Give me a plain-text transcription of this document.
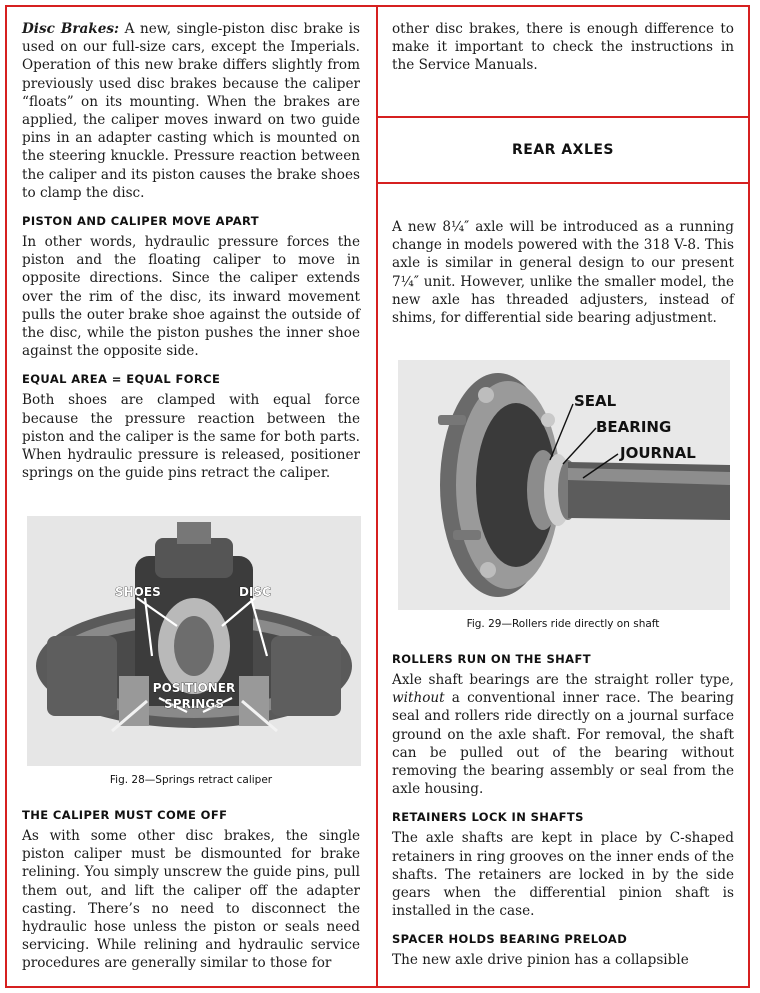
Disc Brakes: A new, single-piston disc brake is used on our full-size cars, except the Imperials. Operation of this new brake differs slightly from previously used disc brakes because the caliper “floats” on its mounting. When the brakes are applied, the caliper moves inward on two guide pins in an adapter casting which is mounted on the steering knuckle. Pressure reaction between the caliper and its piston causes the brake shoes to clamp the disc.

PISTON AND CALIPER MOVE APART

In other words, hydraulic pressure forces the piston and the floating caliper to move in opposite directions. Since the caliper extends over the rim of the disc, its inward movement pulls the outer brake shoe against the outside of the disc, while the piston pushes the inner shoe against the opposite side.

EQUAL AREA = EQUAL FORCE

Both shoes are clamped with equal force because the pressure reaction between the piston and the caliper is the same for both parts. When hydraulic pressure is released, positioner springs on the guide pins retract the caliper.

SHOES	DISC
POSITIONER
SPRINGS

Fig. 28—Springs retract caliper

THE CALIPER MUST COME OFF

As with some other disc brakes, the single piston caliper must be dismounted for brake relining. You simply unscrew the guide pins, pull them out, and lift the caliper off the adapter casting. There’s no need to disconnect the hydraulic hose unless the piston or seals need servicing. While relining and hydraulic service procedures are generally similar to those for

other disc brakes, there is enough difference to make it important to check the instructions in the Service Manuals.

REAR AXLES

A new 8¼″ axle will be introduced as a running change in models powered with the 318 V-8. This axle is similar in general design to our present 7¼″ unit. However, unlike the smaller model, the new axle has threaded adjusters, instead of shims, for differential side bearing adjustment.

SEAL
BEARING
JOURNAL

Fig. 29—Rollers ride directly on shaft

ROLLERS RUN ON THE SHAFT

Axle shaft bearings are the straight roller type, without a conventional inner race. The bearing seal and rollers ride directly on a journal surface ground on the axle shaft. For removal, the shaft can be pulled out of the bearing without removing the bearing assembly or seal from the axle housing.

RETAINERS LOCK IN SHAFTS

The axle shafts are kept in place by C-shaped retainers in ring grooves on the inner ends of the shafts. The retainers are locked in by the side gears when the differential pinion shaft is installed in the case.

SPACER HOLDS BEARING PRELOAD

The new axle drive pinion has a collapsible
